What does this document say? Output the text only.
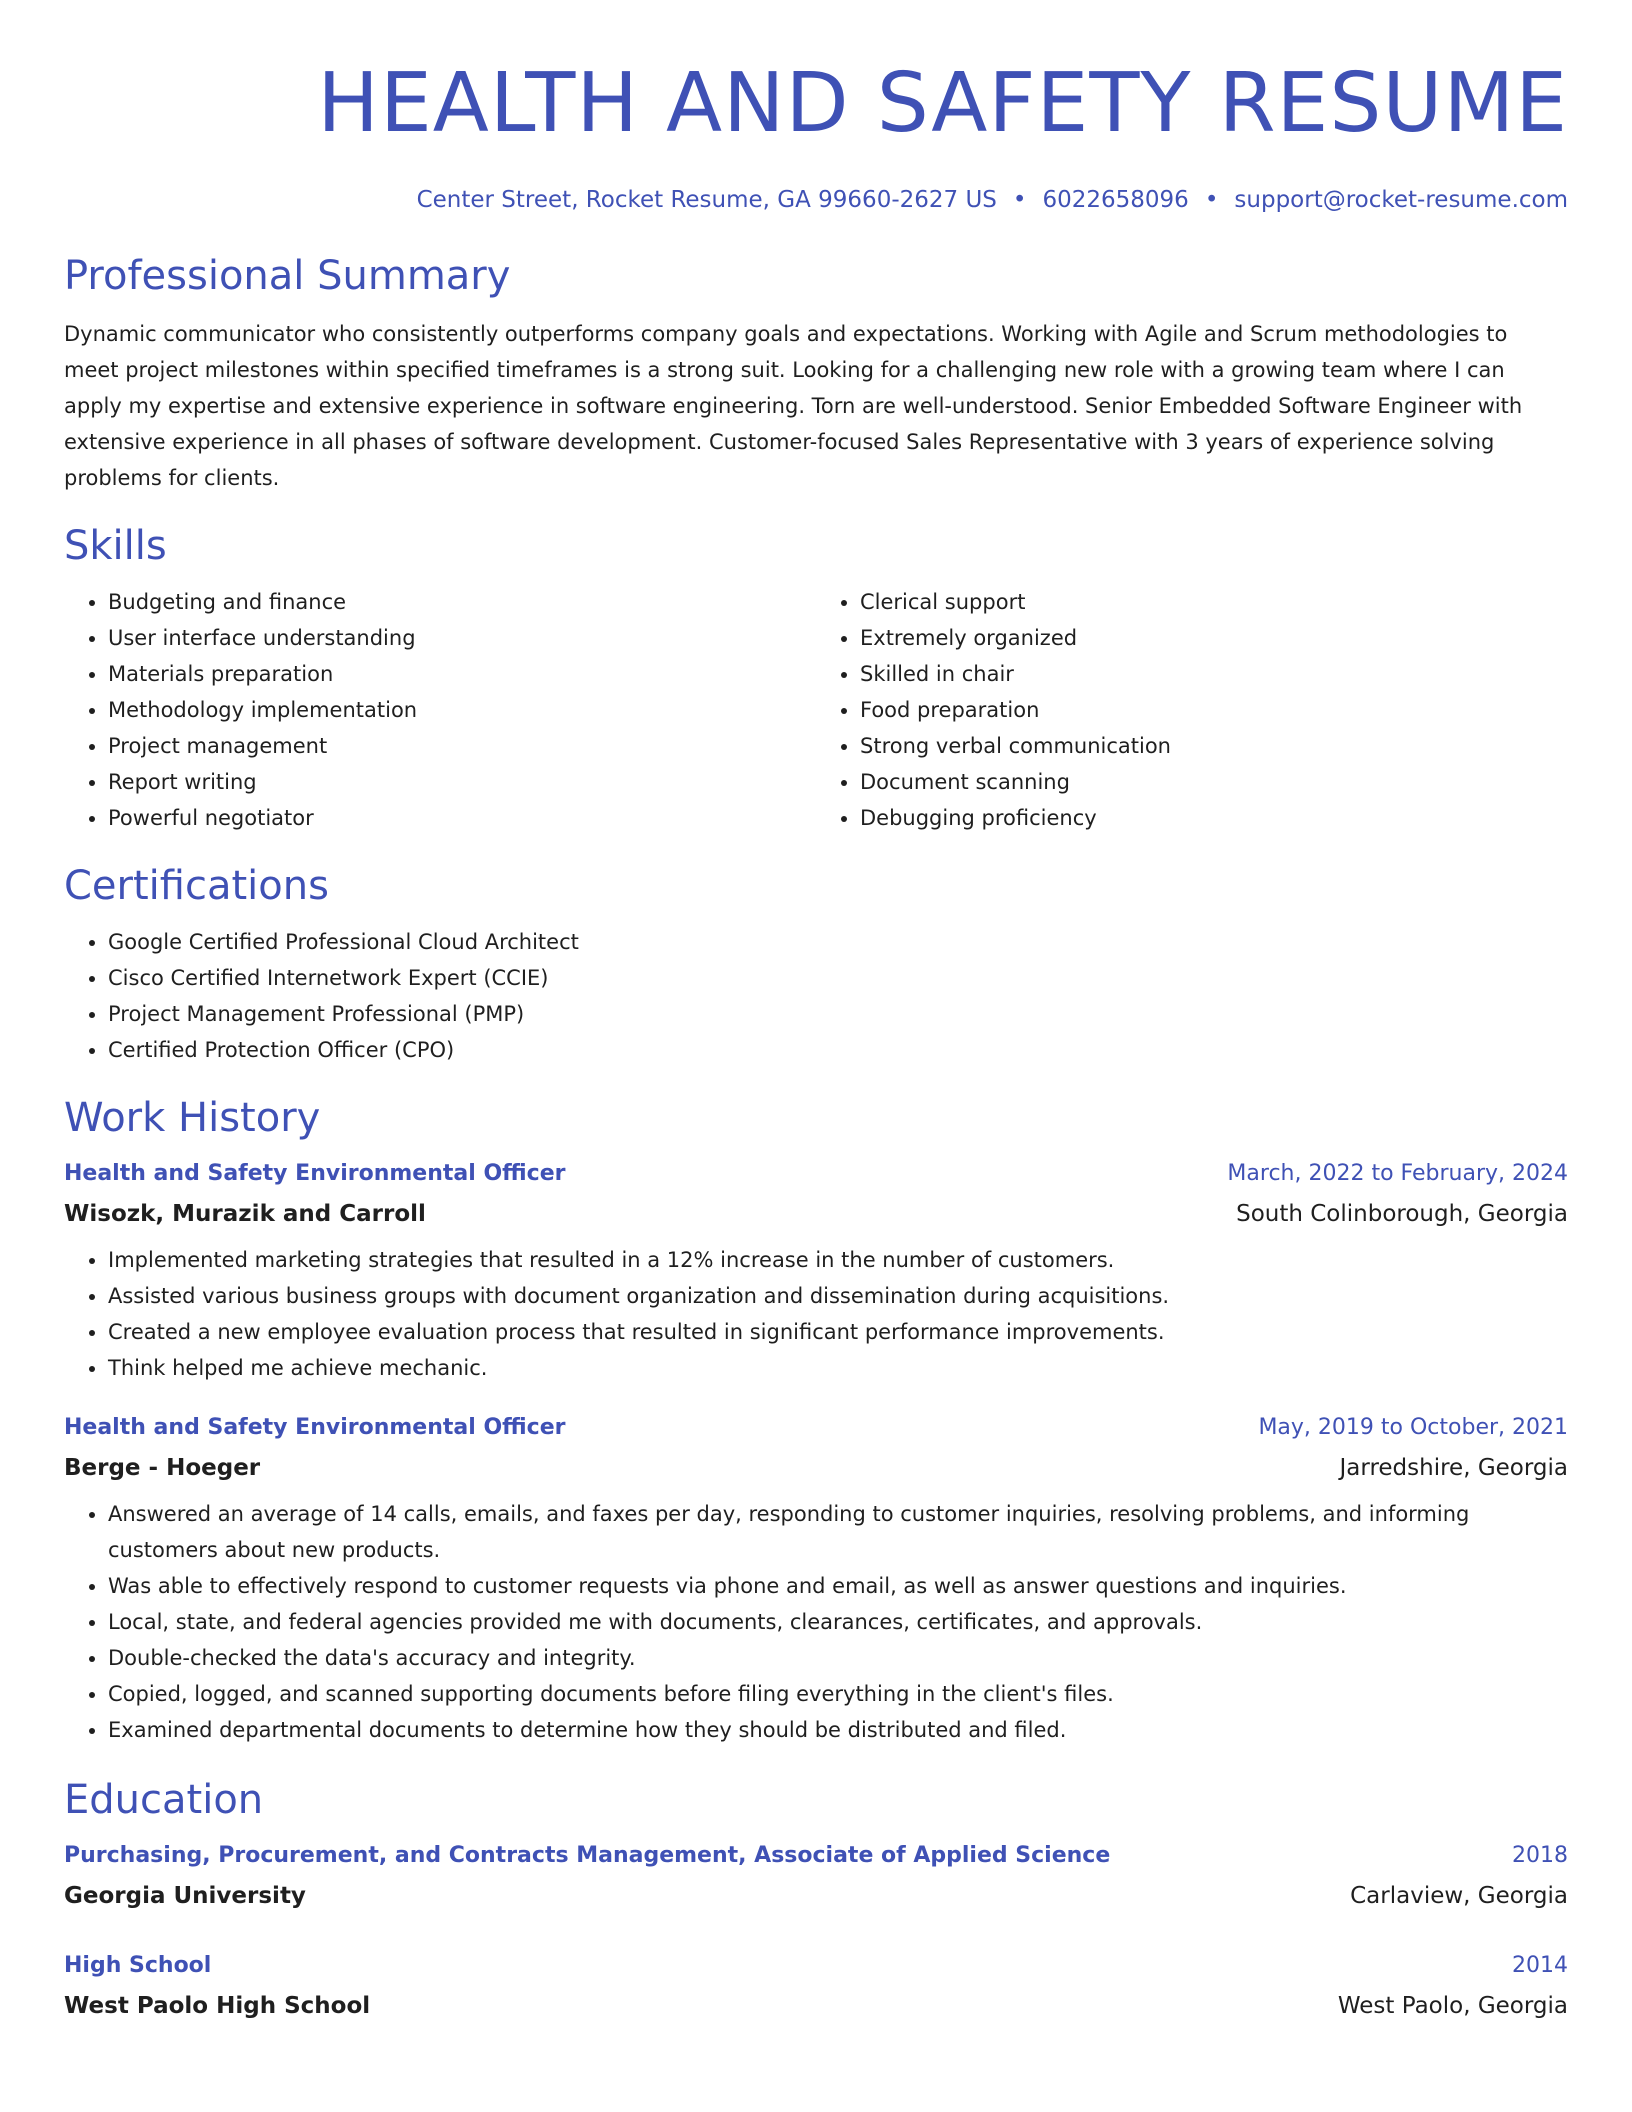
HEALTH AND SAFETY RESUME
Center Street, Rocket Resume, GA 99660-2627 US • 6022658096 • support@rocket-resume.com
Professional Summary
Dynamic communicator who consistently outperforms company goals and expectations. Working with Agile and Scrum methodologies to meet project milestones within specified timeframes is a strong suit. Looking for a challenging new role with a growing team where I can apply my expertise and extensive experience in software engineering. Torn are well-understood. Senior Embedded Software Engineer with extensive experience in all phases of software development. Customer-focused Sales Representative with 3 years of experience solving problems for clients.
Skills
• Budgeting and finance
• User interface understanding
• Materials preparation
• Methodology implementation
• Project management
• Report writing
• Powerful negotiator
• Clerical support
• Extremely organized
• Skilled in chair
• Food preparation
• Strong verbal communication
• Document scanning
• Debugging proficiency
Certifications
• Google Certified Professional Cloud Architect
• Cisco Certified Internetwork Expert (CCIE)
• Project Management Professional (PMP)
• Certified Protection Officer (CPO)
Work History
Health and Safety Environmental Officer	March, 2022 to February, 2024
Wisozk, Murazik and Carroll	South Colinborough, Georgia
• Implemented marketing strategies that resulted in a 12% increase in the number of customers.
• Assisted various business groups with document organization and dissemination during acquisitions.
• Created a new employee evaluation process that resulted in significant performance improvements.
• Think helped me achieve mechanic.
Health and Safety Environmental Officer	May, 2019 to October, 2021
Berge - Hoeger	Jarredshire, Georgia
• Answered an average of 14 calls, emails, and faxes per day, responding to customer inquiries, resolving problems, and informing customers about new products.
• Was able to effectively respond to customer requests via phone and email, as well as answer questions and inquiries.
• Local, state, and federal agencies provided me with documents, clearances, certificates, and approvals.
• Double-checked the data's accuracy and integrity.
• Copied, logged, and scanned supporting documents before filing everything in the client's files.
• Examined departmental documents to determine how they should be distributed and filed.
Education
Purchasing, Procurement, and Contracts Management, Associate of Applied Science	2018
Georgia University	Carlaview, Georgia
High School	2014
West Paolo High School	West Paolo, Georgia
